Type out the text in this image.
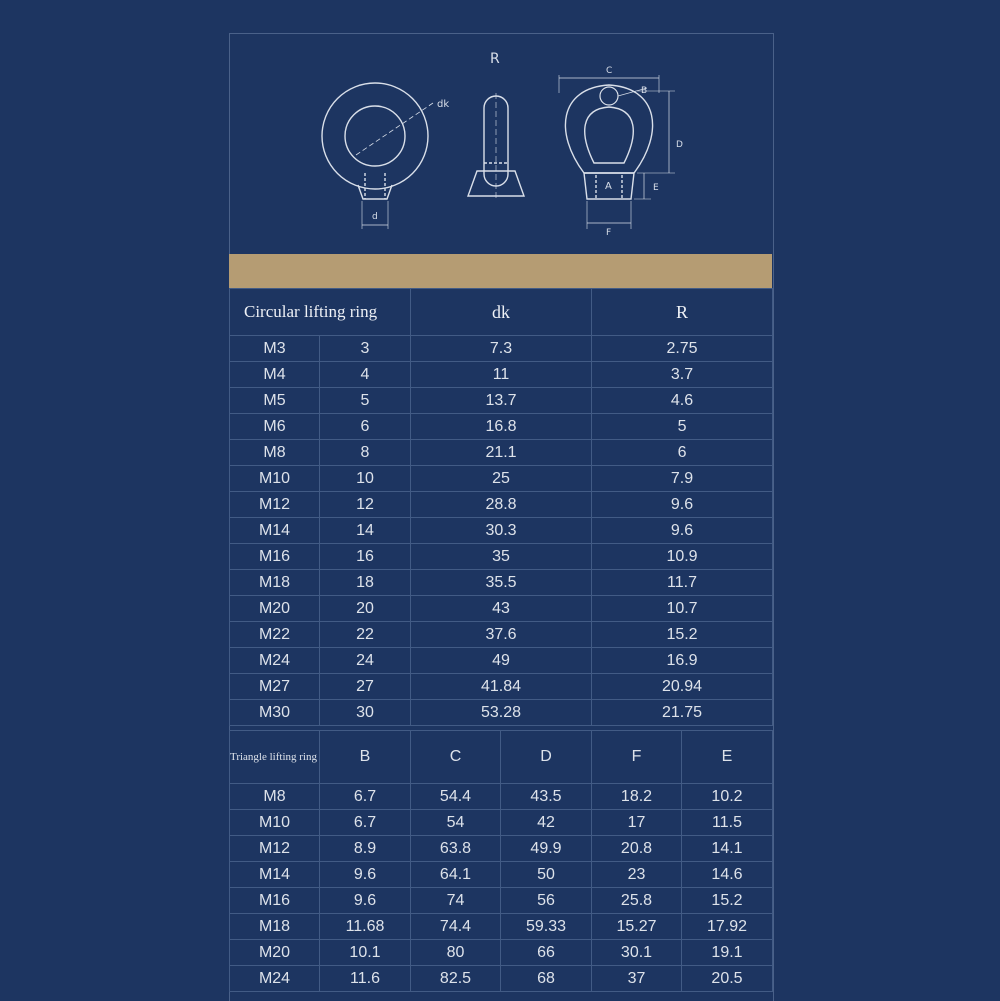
dk
d
R
C
B
D
E
A
F
Circular lifting ring		dk	R
M3	3	7.3	2.75
M4	4	11	3.7
M5	5	13.7	4.6
M6	6	16.8	5
M8	8	21.1	6
M10	10	25	7.9
M12	12	28.8	9.6
M14	14	30.3	9.6
M16	16	35	10.9
M18	18	35.5	11.7
M20	20	43	10.7
M22	22	37.6	15.2
M24	24	49	16.9
M27	27	41.84	20.94
M30	30	53.28	21.75
Triangle lifting ring	B	C	D	F	E
M8	6.7	54.4	43.5	18.2	10.2
M10	6.7	54	42	17	11.5
M12	8.9	63.8	49.9	20.8	14.1
M14	9.6	64.1	50	23	14.6
M16	9.6	74	56	25.8	15.2
M18	11.68	74.4	59.33	15.27	17.92
M20	10.1	80	66	30.1	19.1
M24	11.6	82.5	68	37	20.5
